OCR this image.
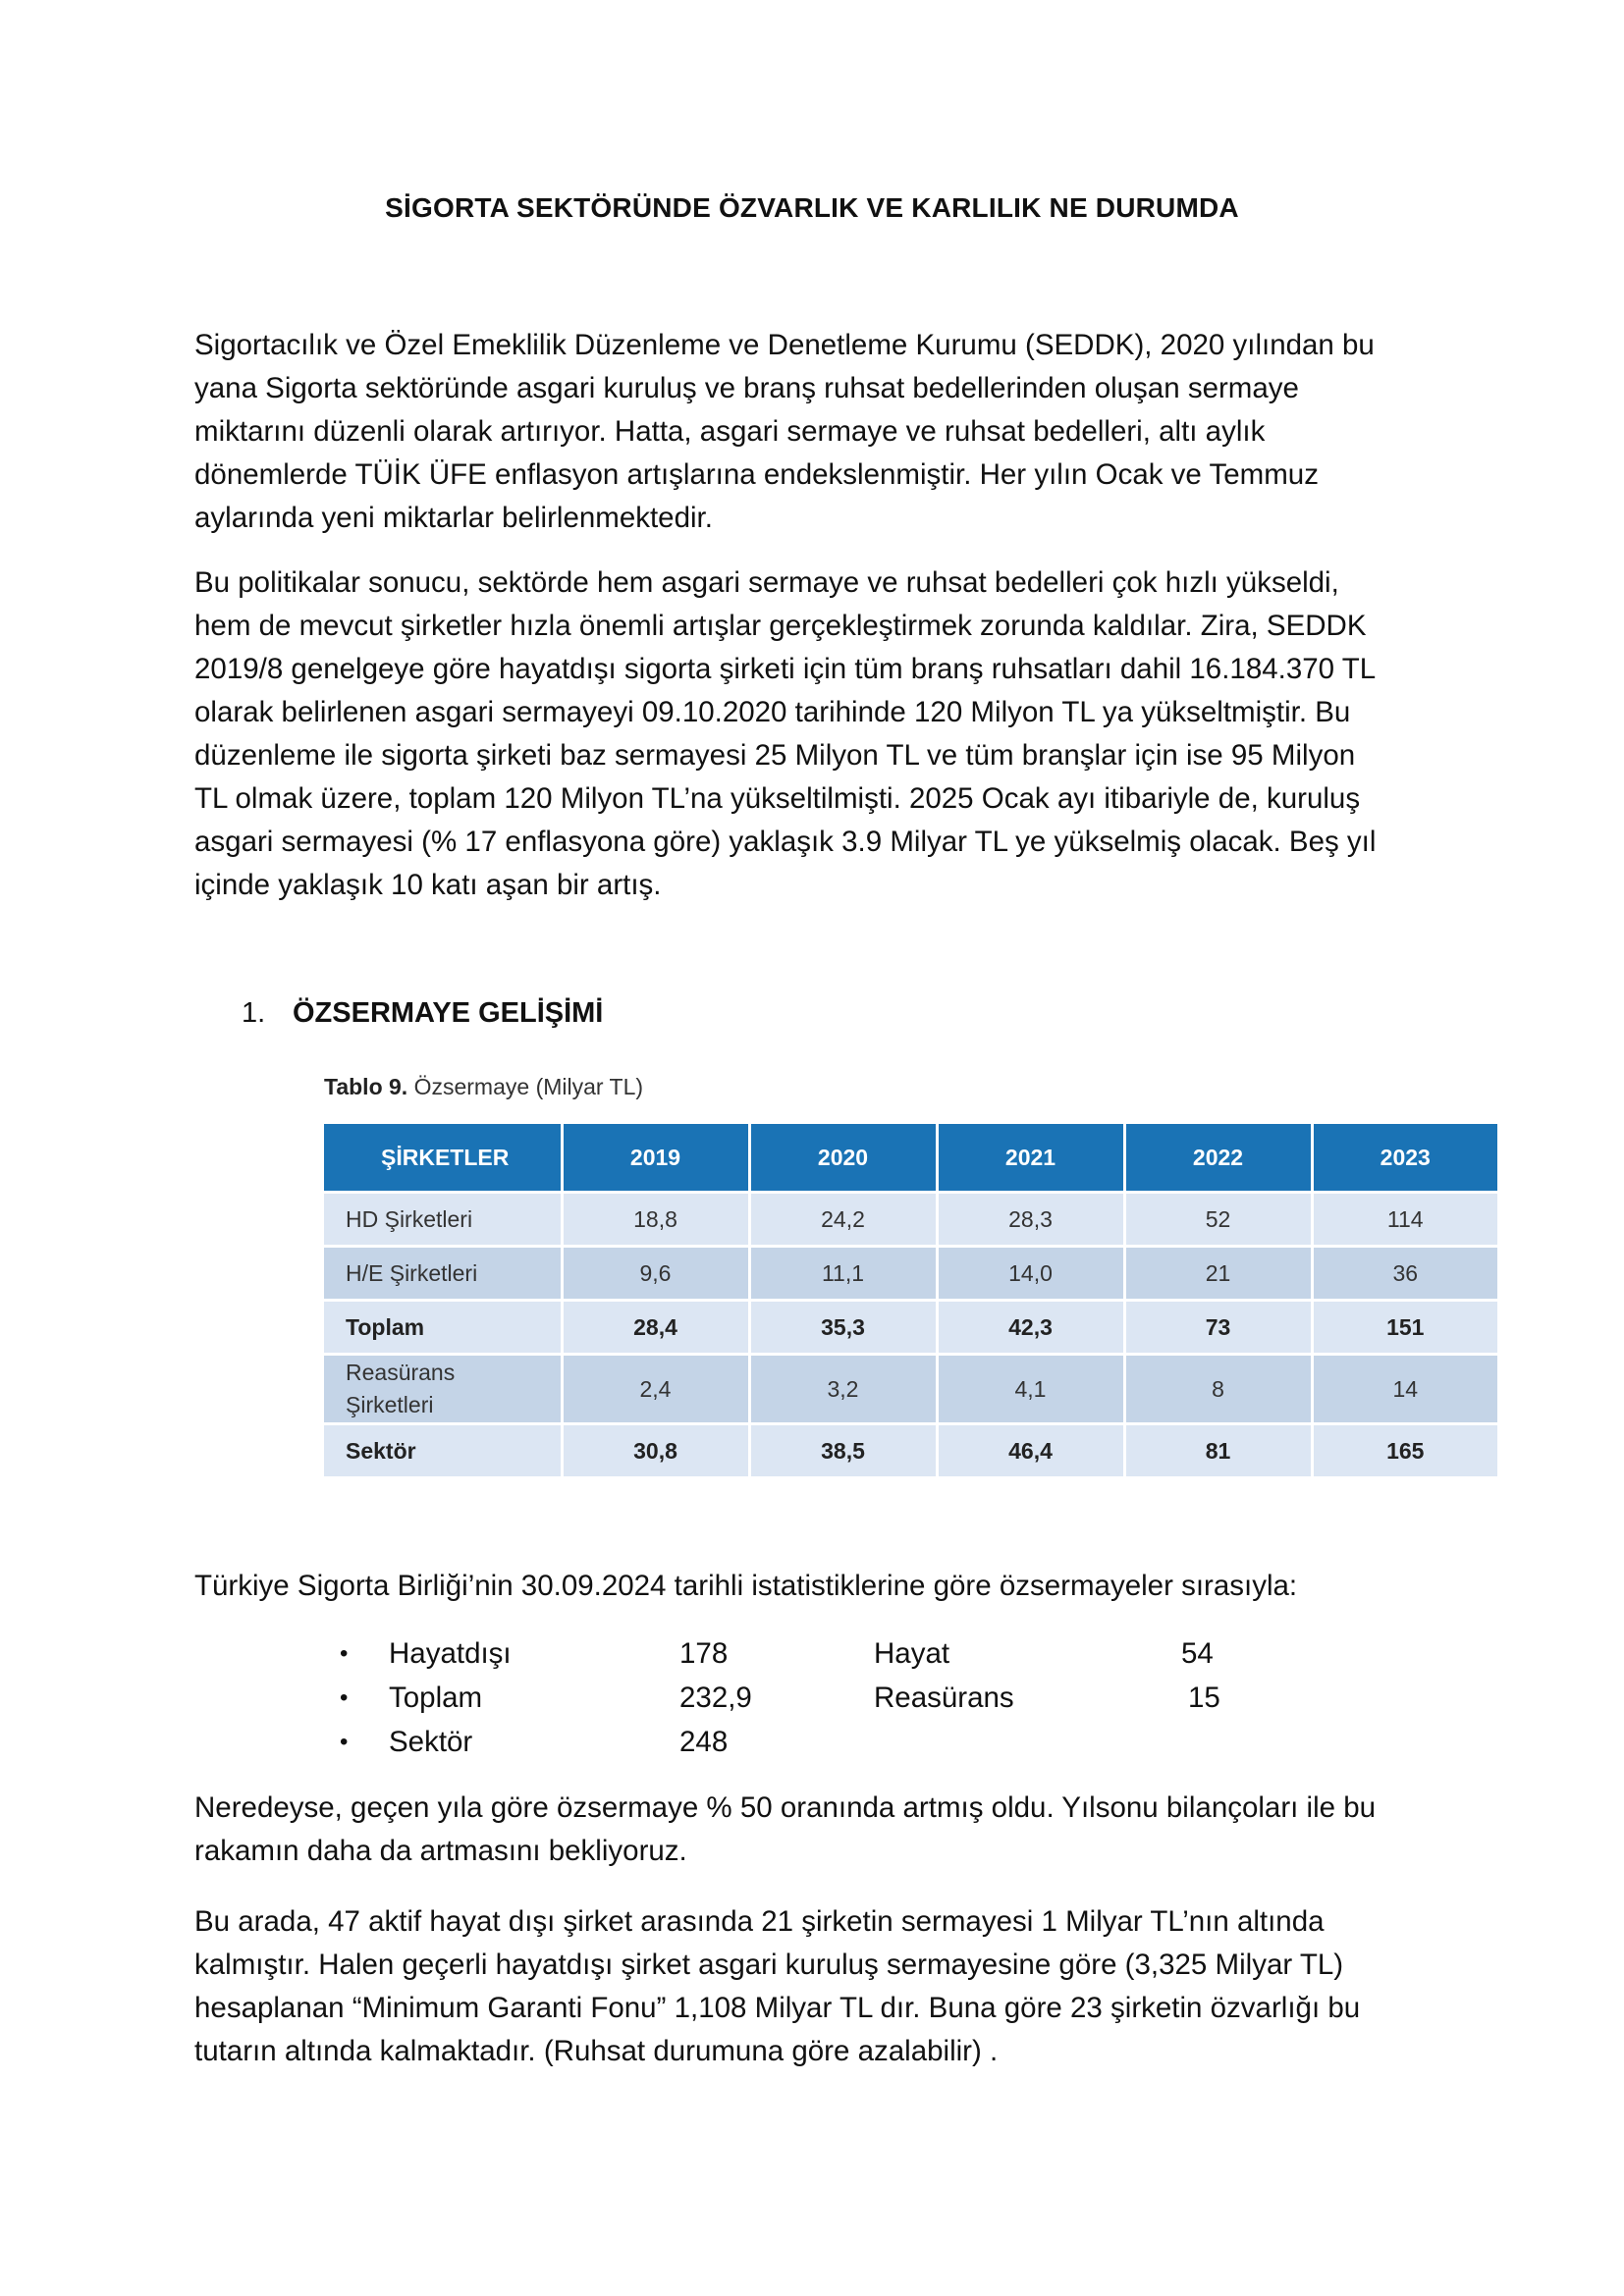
SİGORTA SEKTÖRÜNDE ÖZVARLIK VE KARLILIK NE DURUMDA

Sigortacılık ve Özel Emeklilik Düzenleme ve Denetleme Kurumu (SEDDK), 2020 yılından bu
yana Sigorta sektöründe asgari kuruluş ve branş ruhsat bedellerinden oluşan sermaye
miktarını düzenli olarak artırıyor. Hatta, asgari sermaye ve ruhsat bedelleri, altı aylık
dönemlerde TÜİK ÜFE enflasyon artışlarına endekslenmiştir. Her yılın Ocak ve Temmuz
aylarında yeni miktarlar belirlenmektedir.

Bu politikalar sonucu, sektörde hem asgari sermaye ve ruhsat bedelleri çok hızlı yükseldi,
hem de mevcut şirketler hızla önemli artışlar gerçekleştirmek zorunda kaldılar. Zira, SEDDK
2019/8 genelgeye göre hayatdışı sigorta şirketi için tüm branş ruhsatları dahil 16.184.370 TL
olarak belirlenen asgari sermayeyi 09.10.2020 tarihinde 120 Milyon TL ya yükseltmiştir. Bu
düzenleme ile sigorta şirketi baz sermayesi 25 Milyon TL ve tüm branşlar için ise 95 Milyon
TL olmak üzere, toplam 120 Milyon TL’na yükseltilmişti. 2025 Ocak ayı itibariyle de, kuruluş
asgari sermayesi (% 17 enflasyona göre) yaklaşık 3.9 Milyar TL ye yükselmiş olacak. Beş yıl
içinde yaklaşık 10 katı aşan bir artış.

1. ÖZSERMAYE GELİŞİMİ
Tablo 9. Özsermaye (Milyar TL)
ŞİRKETLER	2019	2020	2021	2022	2023
HD Şirketleri	18,8	24,2	28,3	52	114
H/E Şirketleri	9,6	11,1	14,0	21	36
Toplam	28,4	35,3	42,3	73	151
Reasürans
Şirketleri	2,4	3,2	4,1	8	14
Sektör	30,8	38,5	46,4	81	165
Türkiye Sigorta Birliği’nin 30.09.2024 tarihli istatistiklerine göre özsermayeler sırasıyla:
• Hayatdışı	178	Hayat	54
• Toplam	232,9	Reasürans	15
• Sektör	248

Neredeyse, geçen yıla göre özsermaye % 50 oranında artmış oldu. Yılsonu bilançoları ile bu
rakamın daha da artmasını bekliyoruz.

Bu arada, 47 aktif hayat dışı şirket arasında 21 şirketin sermayesi 1 Milyar TL’nın altında
kalmıştır. Halen geçerli hayatdışı şirket asgari kuruluş sermayesine göre (3,325 Milyar TL)
hesaplanan “Minimum Garanti Fonu” 1,108 Milyar TL dır. Buna göre 23 şirketin özvarlığı bu
tutarın altında kalmaktadır. (Ruhsat durumuna göre azalabilir) .
